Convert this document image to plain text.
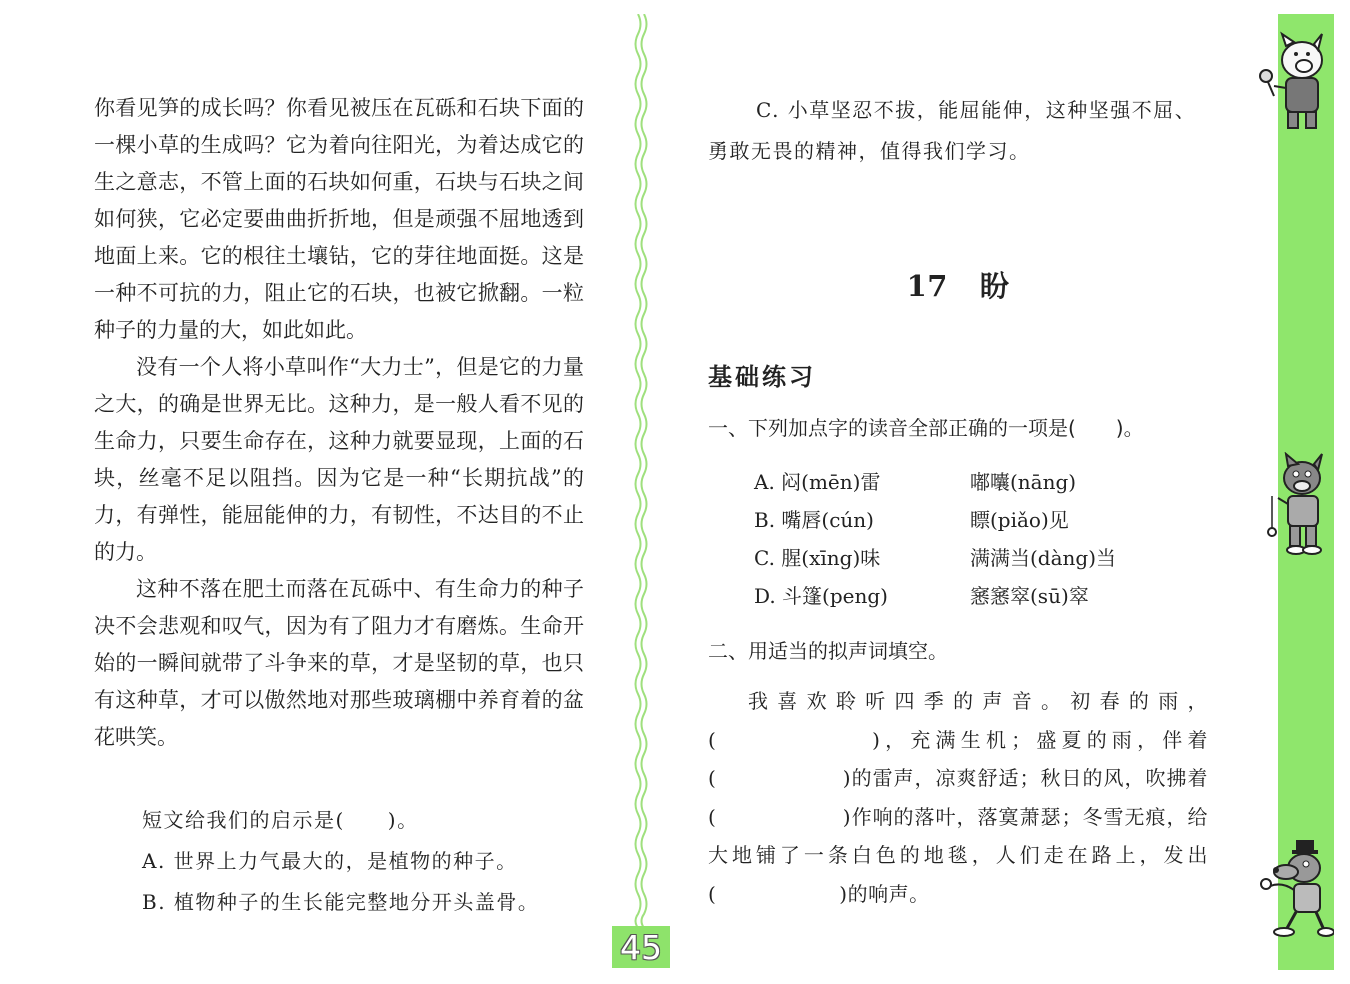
你看见笋的成长吗？你看见被压在瓦砾和石块下面的一棵小草的生成吗？它为着向往阳光，为着达成它的生之意志，不管上面的石块如何重，石块与石块之间如何狭，它必定要曲曲折折地，但是顽强不屈地透到地面上来。它的根往土壤钻，它的芽往地面挺。这是一种不可抗的力，阻止它的石块，也被它掀翻。一粒种子的力量的大，如此如此。

没有一个人将小草叫作“大力士”，但是它的力量之大，的确是世界无比。这种力，是一般人看不见的生命力，只要生命存在，这种力就要显现，上面的石块，丝毫不足以阻挡。因为它是一种“长期抗战”的力，有弹性，能屈能伸的力，有韧性，不达目的不止的力。

这种不落在肥土而落在瓦砾中、有生命力的种子决不会悲观和叹气，因为有了阻力才有磨炼。生命开始的一瞬间就带了斗争来的草，才是坚韧的草，也只有这种草，才可以傲然地对那些玻璃棚中养育着的盆花哄笑。

短文给我们的启示是(　　)。

A. 世界上力气最大的，是植物的种子。

B. 植物种子的生长能完整地分开头盖骨。

C. 小草坚忍不拔，能屈能伸，这种坚强不屈、勇敢无畏的精神，值得我们学习。

17 盼
基础练习

一、下列加点字的读音全部正确的一项是(　　)。

A. 闷(mēn)雷	嘟囔(nāng)
B. 嘴唇(cún)	瞟(piǎo)见
C. 腥(xīng)味	满满当(dàng)当
D. 斗篷(peng)	窸窸窣(sū)窣

二、用适当的拟声词填空。

我喜欢聆听四季的声音。初春的雨，(　　　　　　)，充满生机；盛夏的雨，伴着(　　　　　　)的雷声，凉爽舒适；秋日的风，吹拂着(　　　　　　)作响的落叶，落寞萧瑟；冬雪无痕，给大地铺了一条白色的地毯，人们走在路上，发出(　　　　　　)的响声。

45
